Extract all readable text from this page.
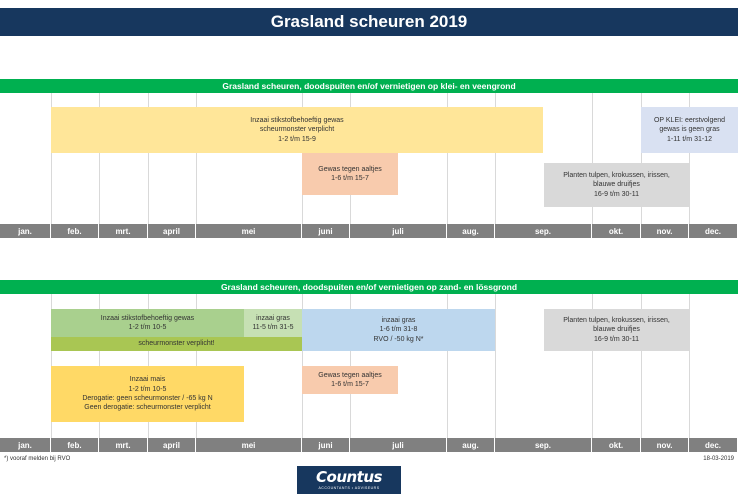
Grasland scheuren 2019
Grasland scheuren, doodspuiten en/of vernietigen op klei- en veengrond
Inzaai stikstofbehoeftig gewas
scheurmonster verplicht
1-2 t/m 15-9
OP KLEI: eerstvolgend
gewas is geen gras
1-11 t/m 31-12
Gewas tegen aaltjes
1-6 t/m 15-7	Planten tulpen, krokussen, irissen,
blauwe druifjes
16-9 t/m 30-11
jan.	feb.	mrt.	april	mei	juni	juli	aug.	sep.	okt.	nov.	dec.
Grasland scheuren, doodspuiten en/of vernietigen op zand- en lössgrond
Inzaai stikstofbehoeftig gewas
1-2 t/m 10-5
inzaai gras
11-5 t/m 31-5
scheurmonster verplicht!
inzaai gras
1-6 t/m 31-8
RVO / -50 kg N*
Planten tulpen, krokussen, irissen,
blauwe druifjes
16-9 t/m 30-11
Inzaai mais
1-2 t/m 10-5
Derogatie: geen scheurmonster / -65 kg N
Geen derogatie: scheurmonster verplicht
Gewas tegen aaltjes
1-6 t/m 15-7
jan.	feb.	mrt.	april	mei	juni	juli	aug.	sep.	okt.	nov.	dec.
*) vooraf melden bij RVO	18-03-2019
Countus
ACCOUNTANTS • ADVISEURS
